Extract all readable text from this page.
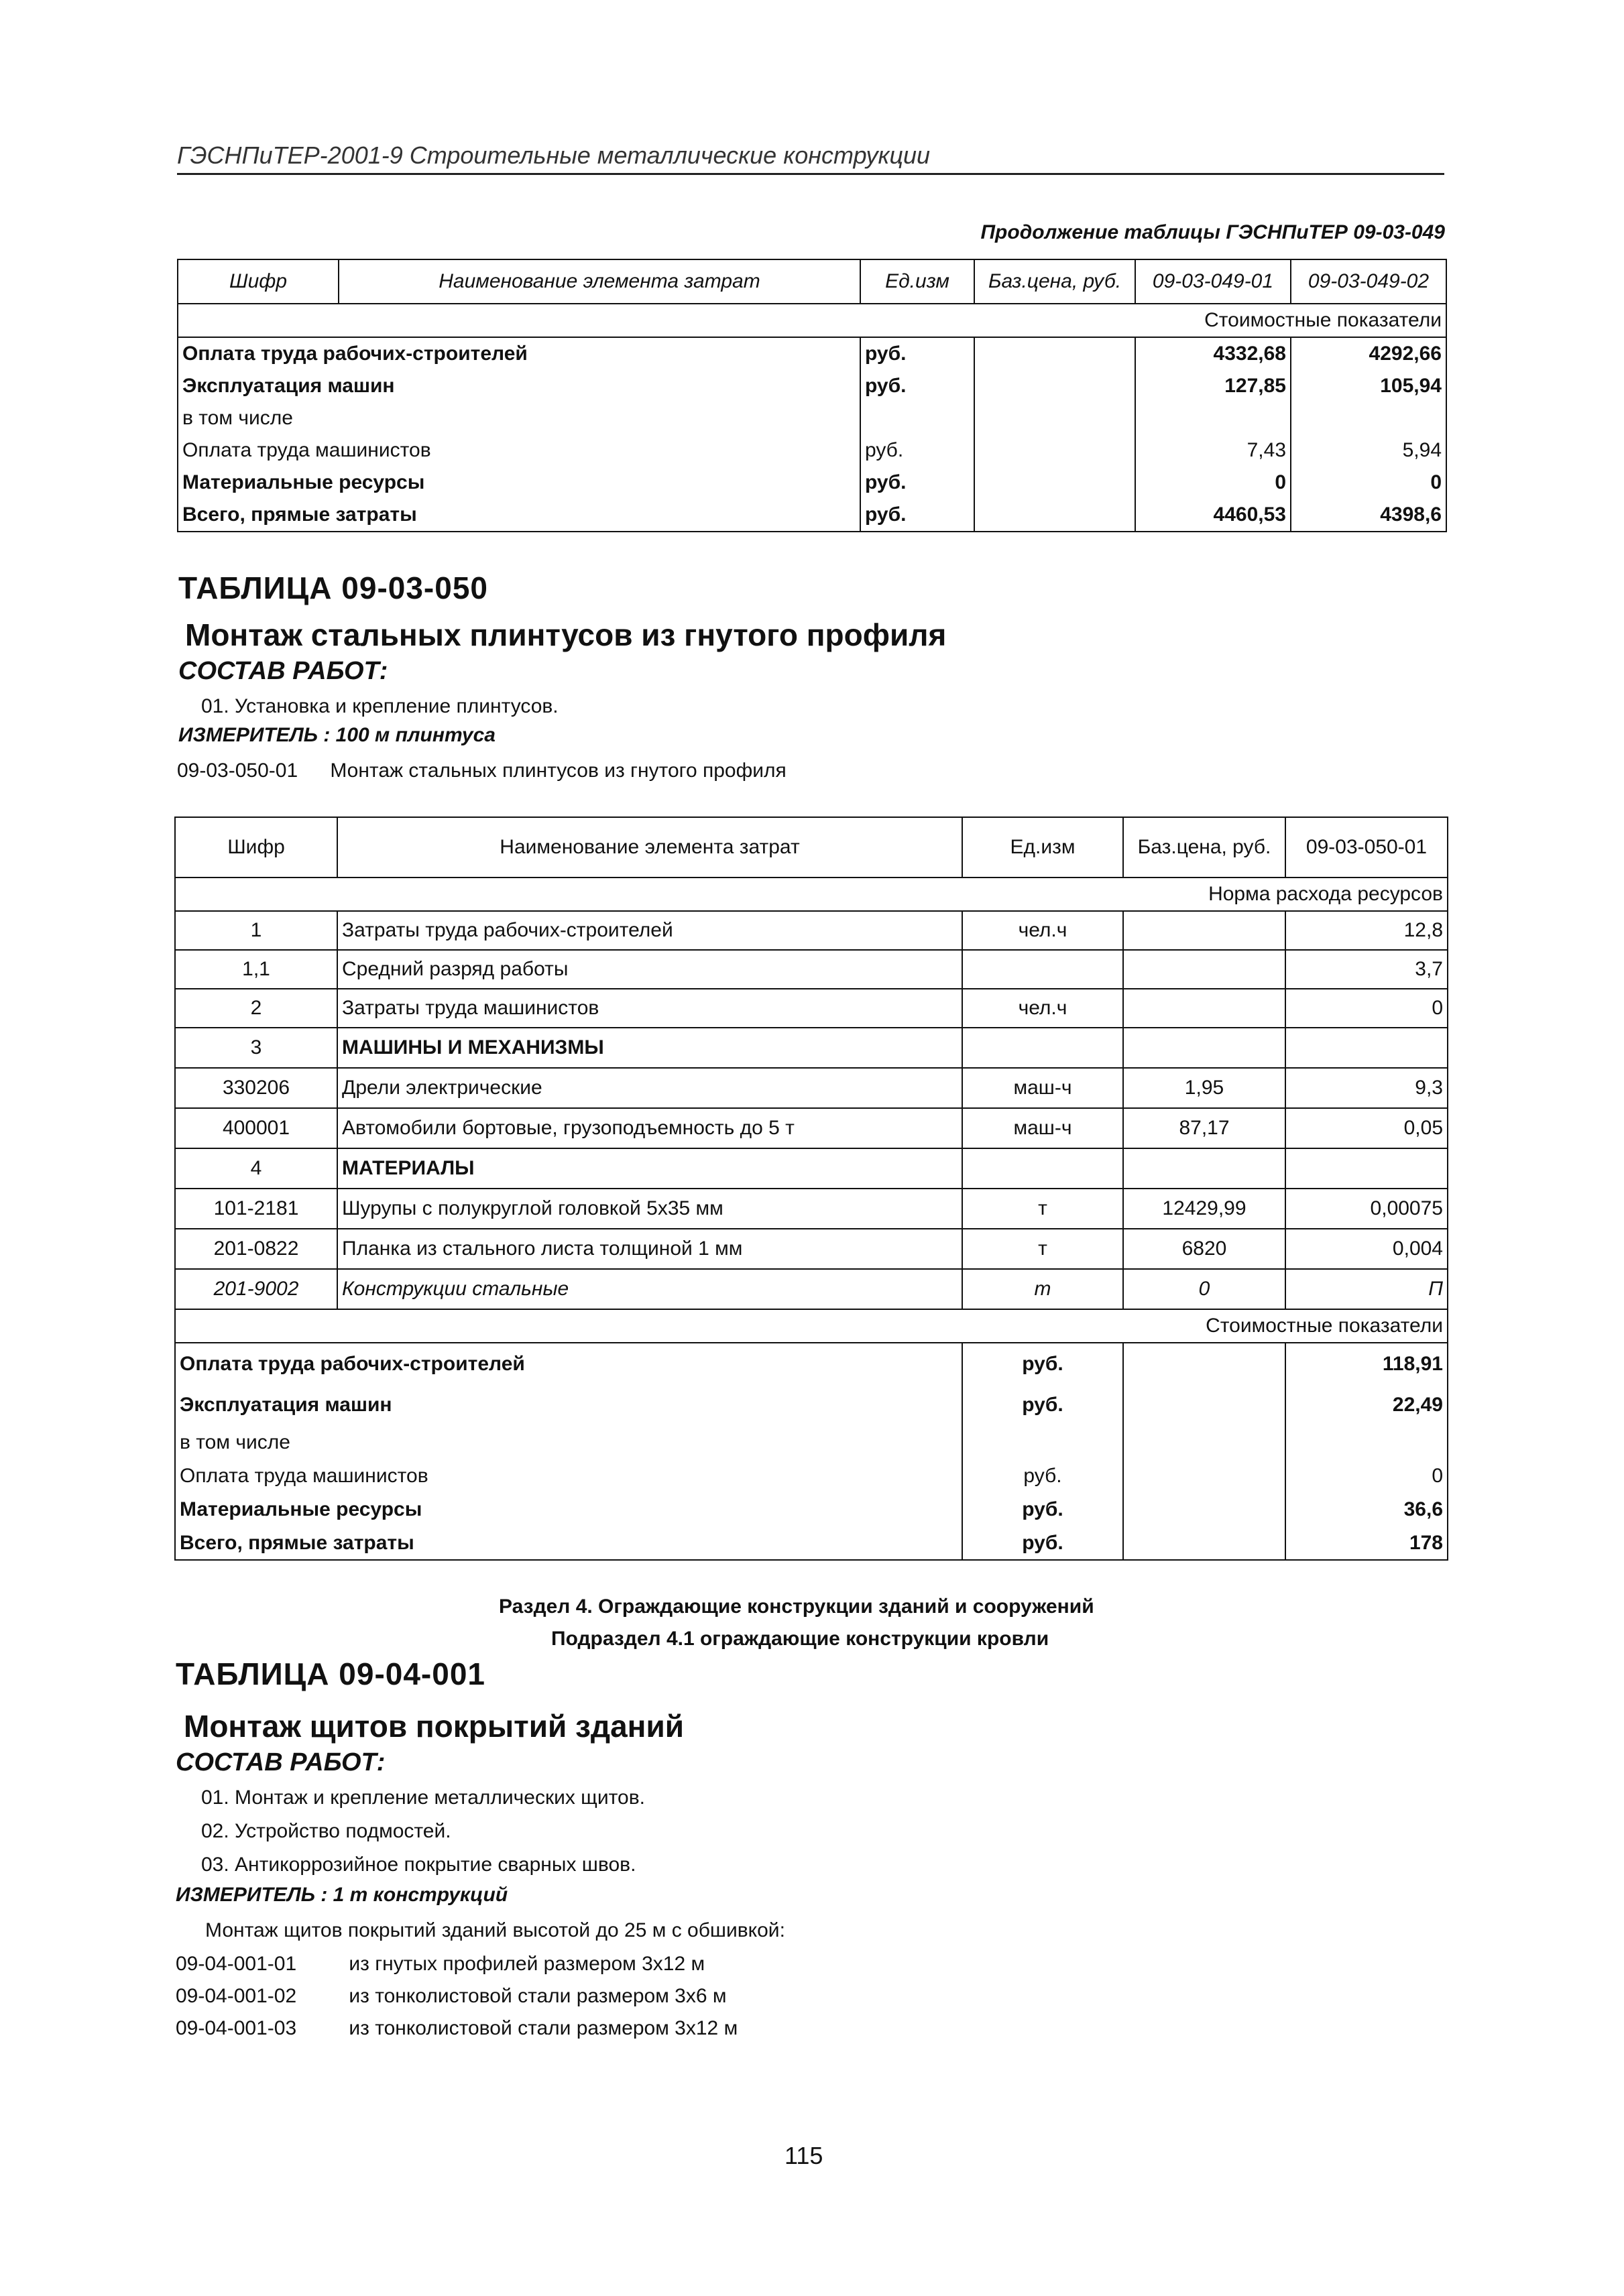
ГЭСНПиТЕР-2001-9 Строительные металлические конструкции
Продолжение таблицы ГЭСНПиТЕР 09-03-049
Шифр	Наименование элемента затрат	Ед.изм	Баз.цена, руб.	09-03-049-01	09-03-049-02
Стоимостные показатели					
Оплата труда рабочих-строителей		руб.		4332,68	4292,66
Эксплуатация машин		руб.		127,85	105,94
в том числе					
Оплата труда машинистов		руб.		7,43	5,94
Материальные ресурсы		руб.		0	0
Всего, прямые затраты		руб.		4460,53	4398,6
ТАБЛИЦА 09-03-050
Монтаж стальных плинтусов из гнутого профиля
СОСТАВ РАБОТ:
01. Установка и крепление плинтусов.
ИЗМЕРИТЕЛЬ : 100 м плинтуса
09-03-050-01 Монтаж стальных плинтусов из гнутого профиля
Шифр	Наименование элемента затрат	Ед.изм	Баз.цена, руб.	09-03-050-01
Норма расхода ресурсов				
1	Затраты труда рабочих-строителей	чел.ч		12,8
1,1	Средний разряд работы			3,7
2	Затраты труда машинистов	чел.ч		0
3	МАШИНЫ И МЕХАНИЗМЫ			
330206	Дрели электрические	маш-ч	1,95	9,3
400001	Автомобили бортовые, грузоподъемность до 5 т	маш-ч	87,17	0,05
4	МАТЕРИАЛЫ			
101-2181	Шурупы с полукруглой головкой 5х35 мм	т	12429,99	0,00075
201-0822	Планка из стального листа толщиной 1 мм	т	6820	0,004
201-9002	Конструкции стальные	т	0	П
Стоимостные показатели				
Оплата труда рабочих-строителей		руб.		118,91
Эксплуатация машин		руб.		22,49
в том числе				
Оплата труда машинистов		руб.		0
Материальные ресурсы		руб.		36,6
Всего, прямые затраты		руб.		178
Раздел 4. Ограждающие конструкции зданий и сооружений
Подраздел 4.1 ограждающие конструкции кровли
ТАБЛИЦА 09-04-001
Монтаж щитов покрытий зданий
СОСТАВ РАБОТ:
01. Монтаж и крепление металлических щитов.
02. Устройство подмостей.
03. Антикоррозийное покрытие сварных швов.
ИЗМЕРИТЕЛЬ : 1 т конструкций
Монтаж щитов покрытий зданий высотой до 25 м с обшивкой:
09-04-001-01	из гнутых профилей размером 3х12 м
09-04-001-02	из тонколистовой стали размером 3х6 м
09-04-001-03	из тонколистовой стали размером 3х12 м
115
